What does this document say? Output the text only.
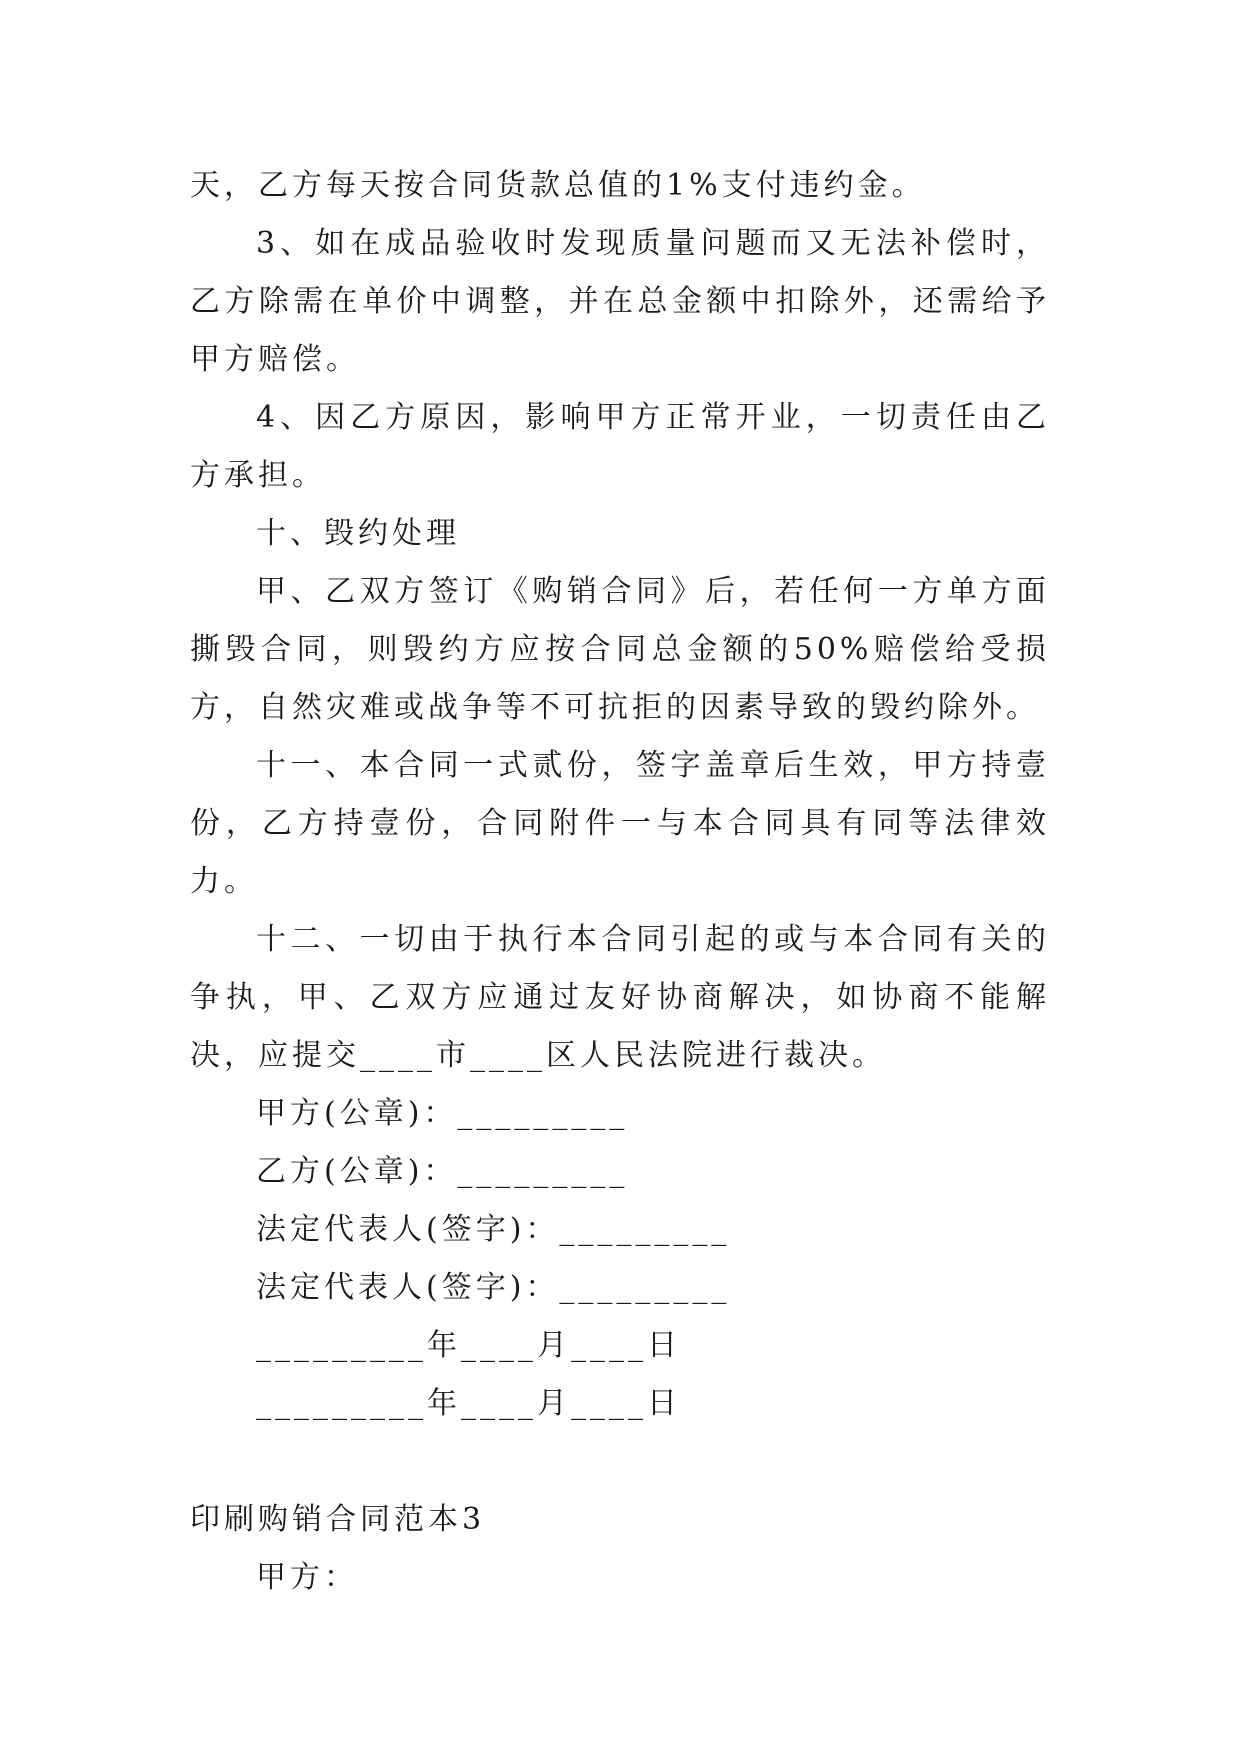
天，乙方每天按合同货款总值的1%支付违约金。

3、如在成品验收时发现质量问题而又无法补偿时，乙方除需在单价中调整，并在总金额中扣除外，还需给予甲方赔偿。

4、因乙方原因，影响甲方正常开业，一切责任由乙方承担。

十、毁约处理

甲、乙双方签订《购销合同》后，若任何一方单方面撕毁合同，则毁约方应按合同总金额的50%赔偿给受损方，自然灾难或战争等不可抗拒的因素导致的毁约除外。

十一、本合同一式贰份，签字盖章后生效，甲方持壹份，乙方持壹份，合同附件一与本合同具有同等法律效力。

十二、一切由于执行本合同引起的或与本合同有关的争执，甲、乙双方应通过友好协商解决，如协商不能解决，应提交____市____区人民法院进行裁决。

甲方(公章)：_________

乙方(公章)：_________

法定代表人(签字)：_________

法定代表人(签字)：_________

_________年____月____日

_________年____月____日

印刷购销合同范本3

甲方：
